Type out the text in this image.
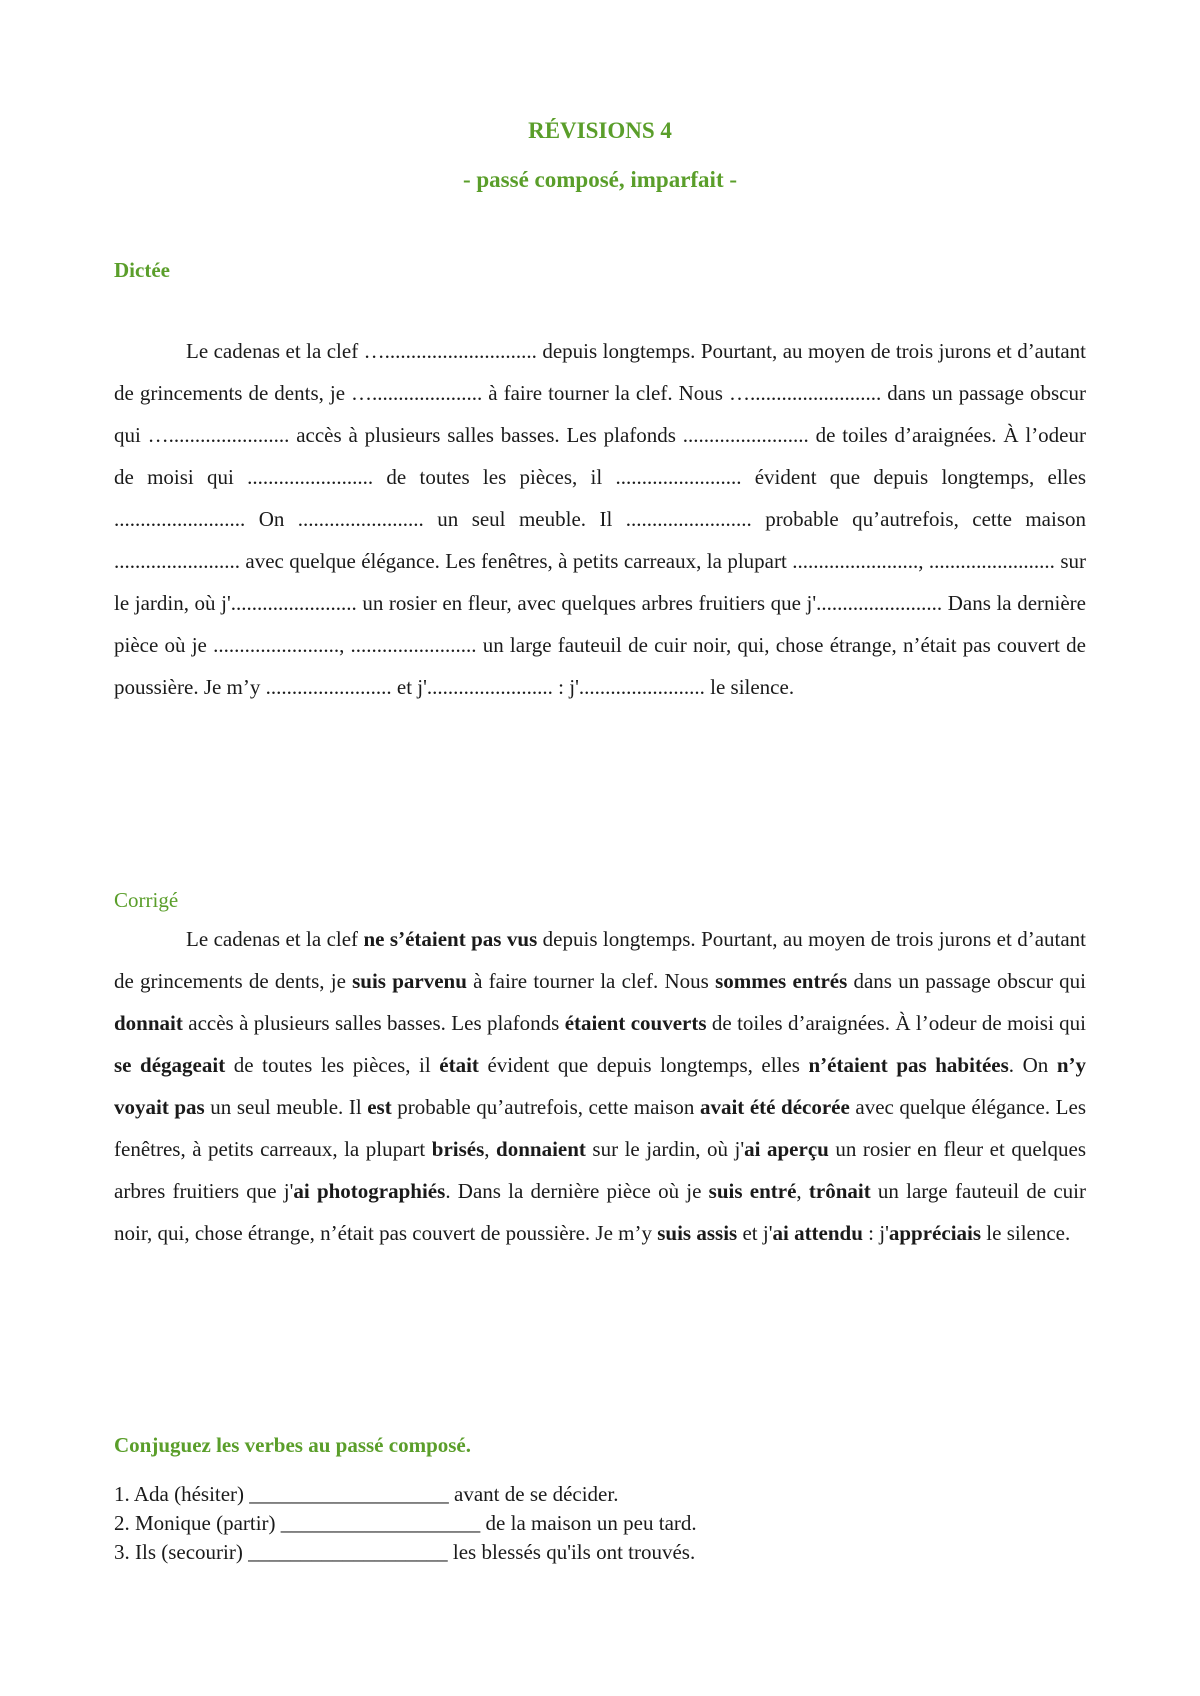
RÉVISIONS 4
- passé composé, imparfait -
Dictée

Le cadenas et la clef …............................. depuis longtemps. Pourtant, au moyen de trois jurons et d’autant de grincements de dents, je …..................... à faire tourner la clef. Nous …......................... dans un passage obscur qui …....................... accès à plusieurs salles basses. Les plafonds ........................ de toiles d’araignées. À l’odeur de moisi qui ........................ de toutes les pièces, il ........................ évident que depuis longtemps, elles ......................... On ........................ un seul meuble. Il ........................ probable qu’autrefois, cette maison ........................ avec quelque élégance. Les fenêtres, à petits carreaux, la plupart ........................, ........................ sur le jardin, où j'........................ un rosier en fleur, avec quelques arbres fruitiers que j'........................ Dans la dernière pièce où je ........................, ........................ un large fauteuil de cuir noir, qui, chose étrange, n’était pas couvert de poussière. Je m’y ........................ et j'........................ : j'........................ le silence.

Corrigé

Le cadenas et la clef ne s’étaient pas vus depuis longtemps. Pourtant, au moyen de trois jurons et d’autant de grincements de dents, je suis parvenu à faire tourner la clef. Nous sommes entrés dans un passage obscur qui donnait accès à plusieurs salles basses. Les plafonds étaient couverts de toiles d’araignées. À l’odeur de moisi qui se dégageait de toutes les pièces, il était évident que depuis longtemps, elles n’étaient pas habitées. On n’y voyait pas un seul meuble. Il est probable qu’autrefois, cette maison avait été décorée avec quelque élégance. Les fenêtres, à petits carreaux, la plupart brisés, donnaient sur le jardin, où j'ai aperçu un rosier en fleur et quelques arbres fruitiers que j'ai photographiés. Dans la dernière pièce où je suis entré, trônait un large fauteuil de cuir noir, qui, chose étrange, n’était pas couvert de poussière. Je m’y suis assis et j'ai attendu : j'appréciais le silence.

Conjuguez les verbes au passé composé.
1. Ada (hésiter) ___________________ avant de se décider.
2. Monique (partir) ___________________ de la maison un peu tard.
3. Ils (secourir) ___________________ les blessés qu'ils ont trouvés.
